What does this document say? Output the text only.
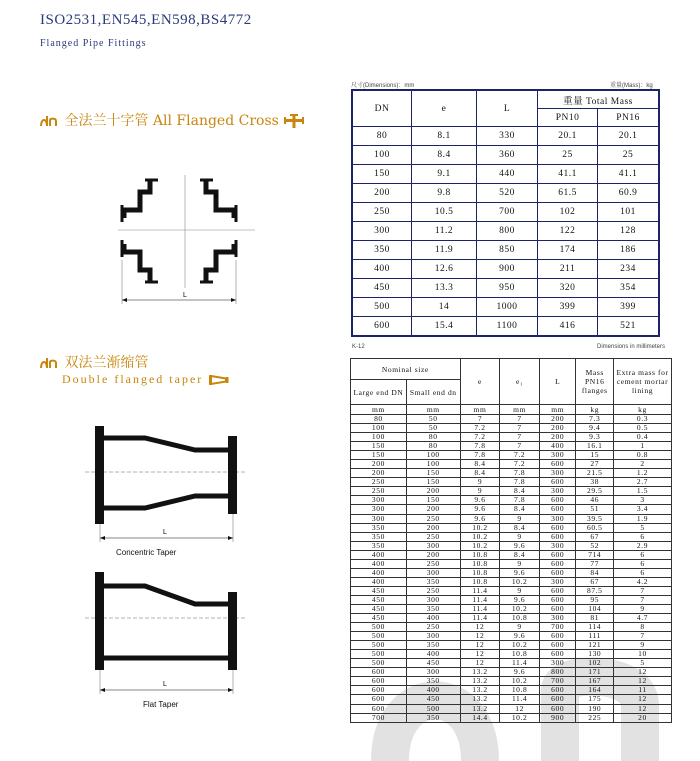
ISO2531,EN545,EN598,BS4772
Flanged Pipe Fittings
全法兰十字管 All Flanged Cross
L
e
尺寸(Dimensions)：mm	重量(Mass)：kg
DN	e	L	重量 Total Mass	
			PN10	PN16
80	8.1	330	20.1	20.1
100	8.4	360	25	25
150	9.1	440	41.1	41.1
200	9.8	520	61.5	60.9
250	10.5	700	102	101
300	11.2	800	122	128
350	11.9	850	174	186
400	12.6	900	211	234
450	13.3	950	320	354
500	14	1000	399	399
600	15.4	1100	416	521
双法兰渐缩管
Double flanged taper
L
Concentric Taper
L
Flat Taper
K-12	Dimensions in millimeters
Nominal size		e	e₁	L	Mass PN16 flanges	Extra mass for cement mortar lining
Large end DN	Small end dn					
mm	mm	mm	mm	mm	kg	kg
80	50	7	7	200	7.3	0.3
100	50	7.2	7	200	9.4	0.5
100	80	7.2	7	200	9.3	0.4
150	80	7.8	7	400	16.1	1
150	100	7.8	7.2	300	15	0.8
200	100	8.4	7.2	600	27	2
200	150	8.4	7.8	300	21.5	1.2
250	150	9	7.8	600	38	2.7
250	200	9	8.4	300	29.5	1.5
300	150	9.6	7.8	600	46	3
300	200	9.6	8.4	600	51	3.4
300	250	9.6	9	300	39.5	1.9
350	200	10.2	8.4	600	60.5	5
350	250	10.2	9	600	67	6
350	300	10.2	9.6	300	52	2.9
400	200	10.8	8.4	600	714	6
400	250	10.8	9	600	77	6
400	300	10.8	9.6	600	84	6
400	350	10.8	10.2	300	67	4.2
450	250	11.4	9	600	87.5	7
450	300	11.4	9.6	600	95	7
450	350	11.4	10.2	600	104	9
450	400	11.4	10.8	300	81	4.7
500	250	12	9	700	114	8
500	300	12	9.6	600	111	7
500	350	12	10.2	600	121	9
500	400	12	10.8	600	130	10
500	450	12	11.4	300	102	5
600	300	13.2	9.6	800	171	12
600	350	13.2	10.2	700	167	12
600	400	13.2	10.8	600	164	11
600	450	13.2	11.4	600	175	12
600	500	13.2	12	600	190	12
700	350	14.4	10.2	900	225	20
